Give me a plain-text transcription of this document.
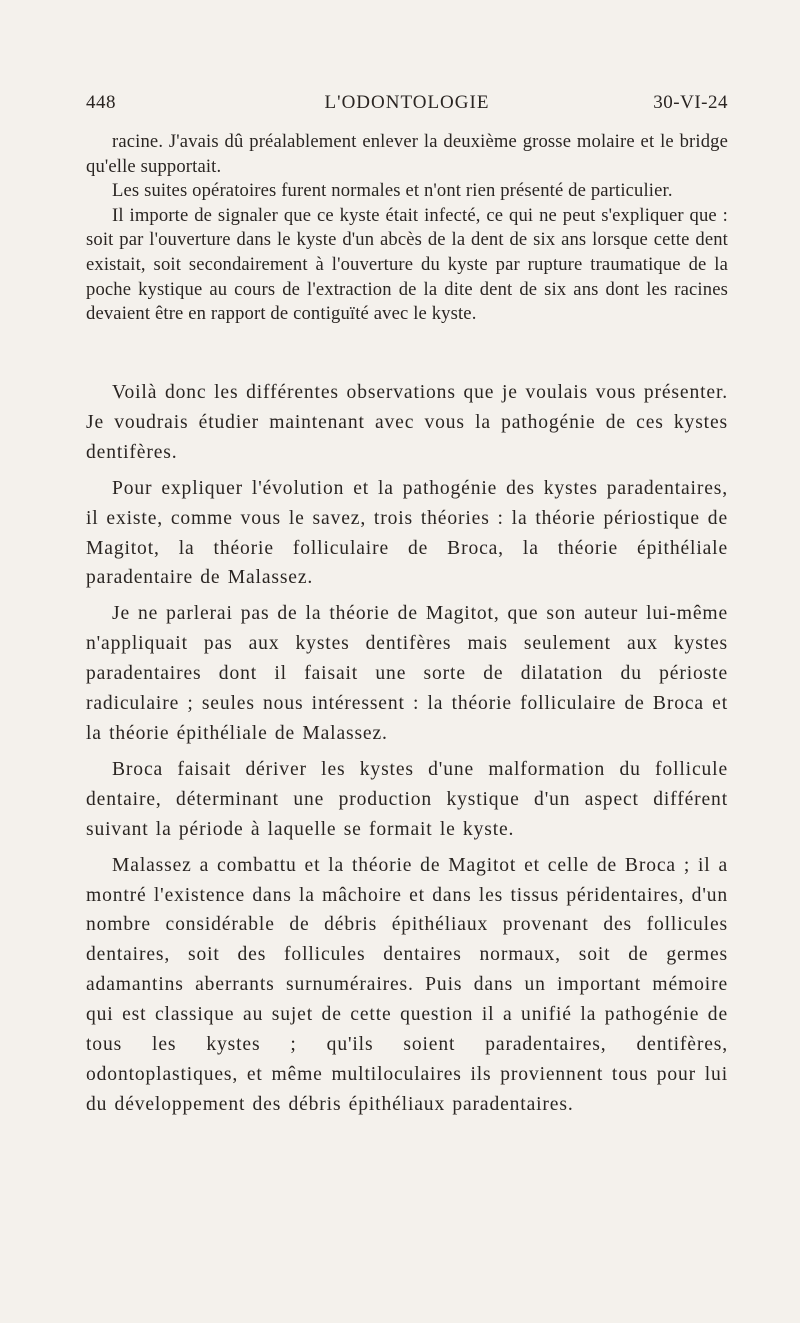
448	L'ODONTOLOGIE	30-VI-24

racine. J'avais dû préalablement enlever la deuxième grosse molaire et le bridge qu'elle supportait.

Les suites opératoires furent normales et n'ont rien présenté de particulier.

Il importe de signaler que ce kyste était infecté, ce qui ne peut s'expliquer que : soit par l'ouverture dans le kyste d'un abcès de la dent de six ans lorsque cette dent existait, soit secondairement à l'ouverture du kyste par rupture traumatique de la poche kystique au cours de l'extraction de la dite dent de six ans dont les racines devaient être en rapport de contiguïté avec le kyste.

Voilà donc les différentes observations que je voulais vous présenter. Je voudrais étudier maintenant avec vous la pathogénie de ces kystes dentifères.

Pour expliquer l'évolution et la pathogénie des kystes paradentaires, il existe, comme vous le savez, trois théories : la théorie périostique de Magitot, la théorie folliculaire de Broca, la théorie épithéliale paradentaire de Malassez.

Je ne parlerai pas de la théorie de Magitot, que son auteur lui-même n'appliquait pas aux kystes dentifères mais seulement aux kystes paradentaires dont il faisait une sorte de dilatation du périoste radiculaire ; seules nous intéressent : la théorie folliculaire de Broca et la théorie épithéliale de Malassez.

Broca faisait dériver les kystes d'une malformation du follicule dentaire, déterminant une production kystique d'un aspect différent suivant la période à laquelle se formait le kyste.

Malassez a combattu et la théorie de Magitot et celle de Broca ; il a montré l'existence dans la mâchoire et dans les tissus péridentaires, d'un nombre considérable de débris épithéliaux provenant des follicules dentaires, soit des follicules dentaires normaux, soit de germes adamantins aberrants surnuméraires. Puis dans un important mémoire qui est classique au sujet de cette question il a unifié la pathogénie de tous les kystes ; qu'ils soient paradentaires, dentifères, odontoplastiques, et même multiloculaires ils proviennent tous pour lui du développement des débris épithéliaux paradentaires.
